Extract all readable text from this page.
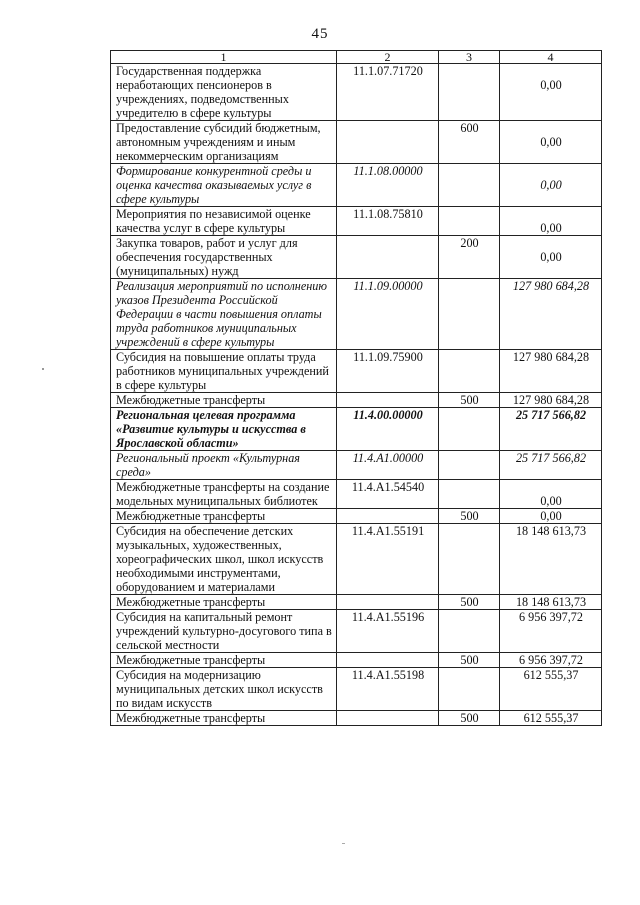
45
1	2	3	4
Государственная поддержка неработающих пенсионеров в учреждениях, подведомственных учредителю в сфере культуры	11.1.07.71720		0,00
Предоставление субсидий бюджетным, автономным учреждениям и иным некоммерческим организациям		600	0,00
Формирование конкурентной среды и оценка качества оказываемых услуг в сфере культуры	11.1.08.00000		0,00
Мероприятия по независимой оценке качества услуг в сфере культуры	11.1.08.75810		0,00
Закупка товаров, работ и услуг для обеспечения государственных (муниципальных) нужд		200	0,00
Реализация мероприятий по исполнению указов Президента Российской Федерации в части повышения оплаты труда работников муниципальных учреждений в сфере культуры	11.1.09.00000		127 980 684,28
Субсидия на повышение оплаты труда работников муниципальных учреждений в сфере культуры	11.1.09.75900		127 980 684,28
Межбюджетные трансферты		500	127 980 684,28
Региональная целевая программа «Развитие культуры и искусства в Ярославской области»	11.4.00.00000		25 717 566,82
Региональный проект «Культурная среда»	11.4.A1.00000		25 717 566,82
Межбюджетные трансферты на создание модельных муниципальных библиотек	11.4.A1.54540		0,00
Межбюджетные трансферты		500	0,00
Субсидия на обеспечение детских музыкальных, художественных, хореографических школ, школ искусств необходимыми инструментами, оборудованием и материалами	11.4.A1.55191		18 148 613,73
Межбюджетные трансферты		500	18 148 613,73
Субсидия на капитальный ремонт учреждений культурно-досугового типа в сельской местности	11.4.A1.55196		6 956 397,72
Межбюджетные трансферты		500	6 956 397,72
Субсидия на модернизацию муниципальных детских школ искусств по видам искусств	11.4.A1.55198		612 555,37
Межбюджетные трансферты		500	612 555,37
